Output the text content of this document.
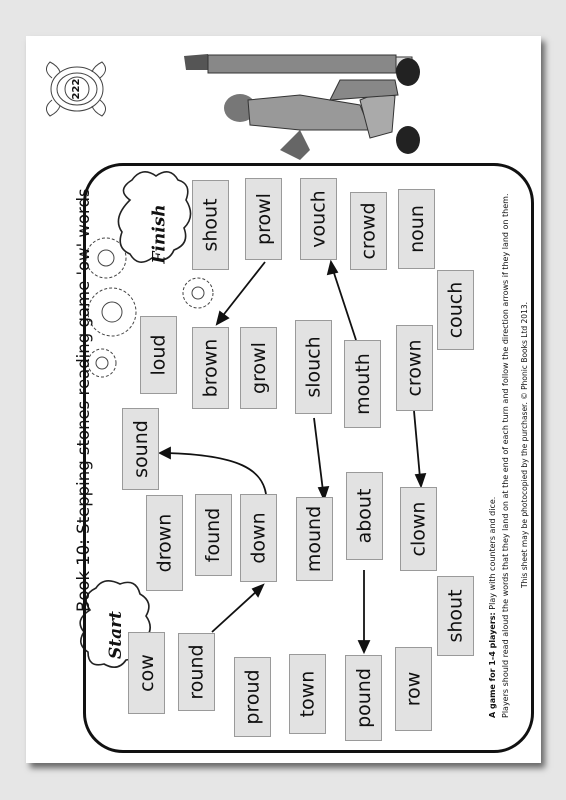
222
Finish
Start
Book 10: Stepping stones reading game 'ow' words	shout prowl vouch crowd noun
couch
loud brown growl slouch mouth crown
sound
drown found down mound about clown
shout
cow round proud town pound row	A game for 1-4 players: Play with counters and dice. Players should read aloud the words that they land on at the end of each turn and follow the direction arrows if they land on them. This sheet may be photocopied by the purchaser. © Phonic Books Ltd 2013.
